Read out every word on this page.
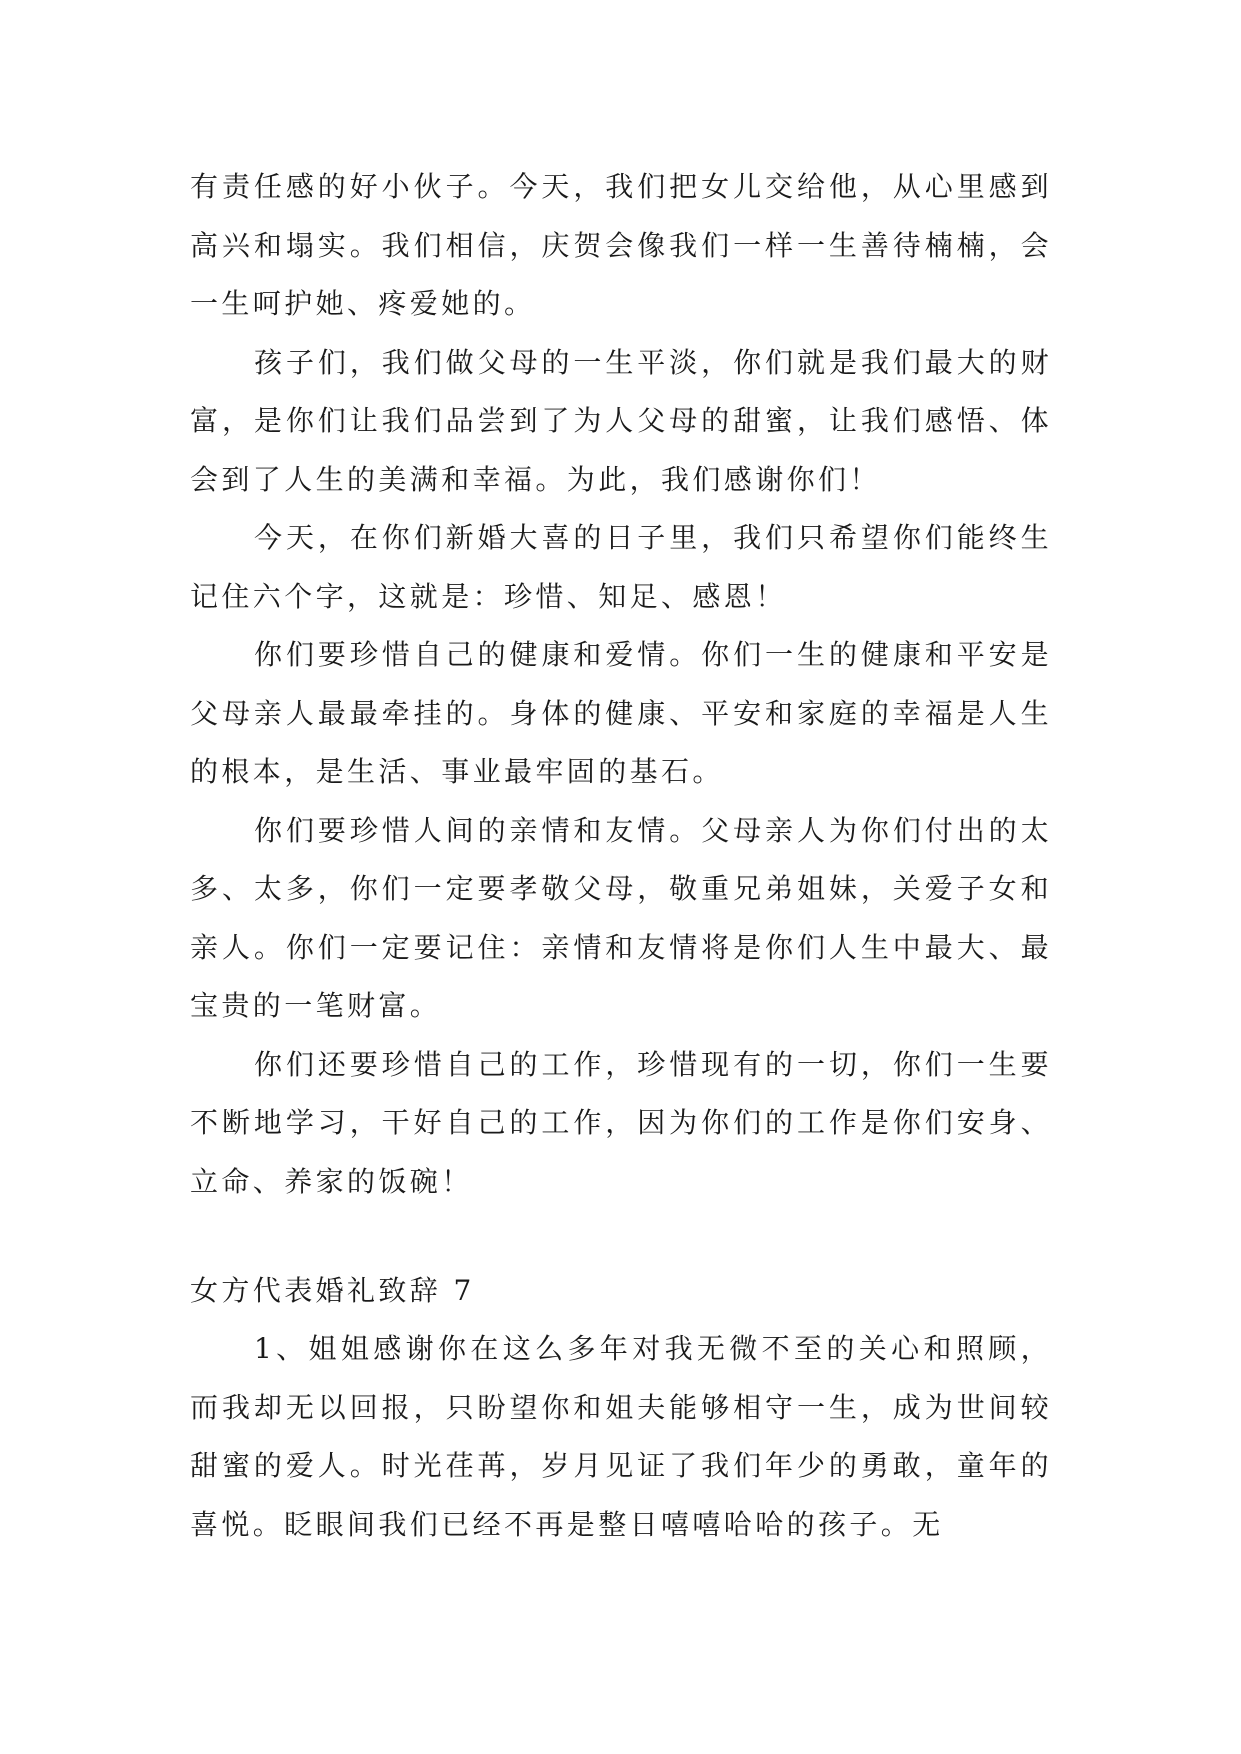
有责任感的好小伙子。今天，我们把女儿交给他，从心里感到高兴和塌实。我们相信，庆贺会像我们一样一生善待楠楠，会一生呵护她、疼爱她的。

孩子们，我们做父母的一生平淡，你们就是我们最大的财富，是你们让我们品尝到了为人父母的甜蜜，让我们感悟、体会到了人生的美满和幸福。为此，我们感谢你们！

今天，在你们新婚大喜的日子里，我们只希望你们能终生记住六个字，这就是：珍惜、知足、感恩！

你们要珍惜自己的健康和爱情。你们一生的健康和平安是父母亲人最最牵挂的。身体的健康、平安和家庭的幸福是人生的根本，是生活、事业最牢固的基石。

你们要珍惜人间的亲情和友情。父母亲人为你们付出的太多、太多，你们一定要孝敬父母，敬重兄弟姐妹，关爱子女和亲人。你们一定要记住：亲情和友情将是你们人生中最大、最宝贵的一笔财富。

你们还要珍惜自己的工作，珍惜现有的一切，你们一生要不断地学习，干好自己的工作，因为你们的工作是你们安身、立命、养家的饭碗！

女方代表婚礼致辞 7

1、姐姐感谢你在这么多年对我无微不至的关心和照顾，而我却无以回报，只盼望你和姐夫能够相守一生，成为世间较甜蜜的爱人。时光荏苒，岁月见证了我们年少的勇敢，童年的喜悦。眨眼间我们已经不再是整日嘻嘻哈哈的孩子。无
